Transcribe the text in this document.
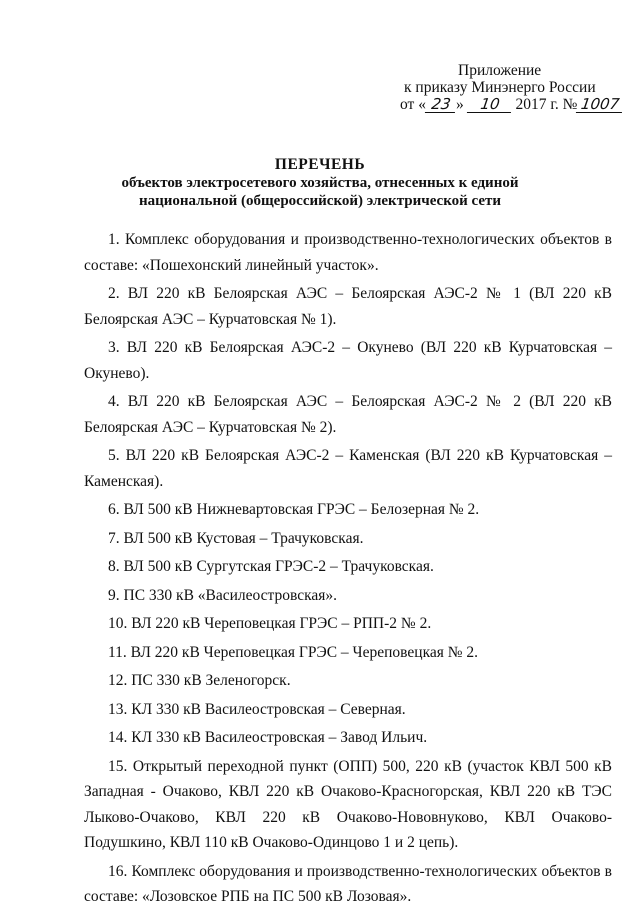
Приложение
к приказу Минэнерго России
от « 23 » 10 2017 г. № 1007
ПЕРЕЧЕНЬ
объектов электросетевого хозяйства, отнесенных к единой
национальной (общероссийской) электрической сети

1. Комплекс оборудования и производственно-технологических объектов в составе: «Пошехонский линейный участок».

2. ВЛ 220 кВ Белоярская АЭС – Белоярская АЭС-2 № 1 (ВЛ 220 кВ Белоярская АЭС – Курчатовская № 1).

3. ВЛ 220 кВ Белоярская АЭС-2 – Окунево (ВЛ 220 кВ Курчатовская – Окунево).

4. ВЛ 220 кВ Белоярская АЭС – Белоярская АЭС-2 № 2 (ВЛ 220 кВ Белоярская АЭС – Курчатовская № 2).

5. ВЛ 220 кВ Белоярская АЭС-2 – Каменская (ВЛ 220 кВ Курчатовская – Каменская).

6. ВЛ 500 кВ Нижневартовская ГРЭС – Белозерная № 2.

7. ВЛ 500 кВ Кустовая – Трачуковская.

8. ВЛ 500 кВ Сургутская ГРЭС-2 – Трачуковская.

9. ПС 330 кВ «Василеостровская».

10. ВЛ 220 кВ Череповецкая ГРЭС – РПП-2 № 2.

11. ВЛ 220 кВ Череповецкая ГРЭС – Череповецкая № 2.

12. ПС 330 кВ Зеленогорск.

13. КЛ 330 кВ Василеостровская – Северная.

14. КЛ 330 кВ Василеостровская – Завод Ильич.

15. Открытый переходной пункт (ОПП) 500, 220 кВ (участок КВЛ 500 кВ Западная - Очаково, КВЛ 220 кВ Очаково-Красногорская, КВЛ 220 кВ ТЭС Лыково-Очаково, КВЛ 220 кВ Очаково-Нововнуково, КВЛ Очаково-Подушкино, КВЛ 110 кВ Очаково-Одинцово 1 и 2 цепь).

16. Комплекс оборудования и производственно-технологических объектов в составе: «Лозовское РПБ на ПС 500 кВ Лозовая».
